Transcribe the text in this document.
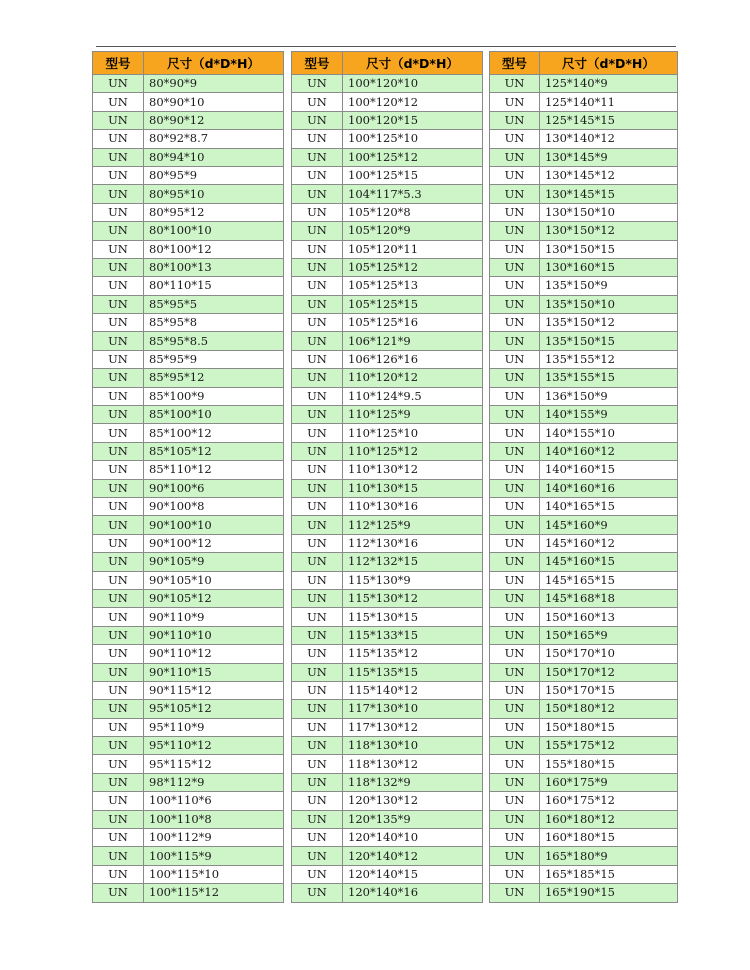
型号	尺寸（d*D*H）
UN	80*90*9
UN	80*90*10
UN	80*90*12
UN	80*92*8.7
UN	80*94*10
UN	80*95*9
UN	80*95*10
UN	80*95*12
UN	80*100*10
UN	80*100*12
UN	80*100*13
UN	80*110*15
UN	85*95*5
UN	85*95*8
UN	85*95*8.5
UN	85*95*9
UN	85*95*12
UN	85*100*9
UN	85*100*10
UN	85*100*12
UN	85*105*12
UN	85*110*12
UN	90*100*6
UN	90*100*8
UN	90*100*10
UN	90*100*12
UN	90*105*9
UN	90*105*10
UN	90*105*12
UN	90*110*9
UN	90*110*10
UN	90*110*12
UN	90*110*15
UN	90*115*12
UN	95*105*12
UN	95*110*9
UN	95*110*12
UN	95*115*12
UN	98*112*9
UN	100*110*6
UN	100*110*8
UN	100*112*9
UN	100*115*9
UN	100*115*10
UN	100*115*12
型号	尺寸（d*D*H）
UN	100*120*10
UN	100*120*12
UN	100*120*15
UN	100*125*10
UN	100*125*12
UN	100*125*15
UN	104*117*5.3
UN	105*120*8
UN	105*120*9
UN	105*120*11
UN	105*125*12
UN	105*125*13
UN	105*125*15
UN	105*125*16
UN	106*121*9
UN	106*126*16
UN	110*120*12
UN	110*124*9.5
UN	110*125*9
UN	110*125*10
UN	110*125*12
UN	110*130*12
UN	110*130*15
UN	110*130*16
UN	112*125*9
UN	112*130*16
UN	112*132*15
UN	115*130*9
UN	115*130*12
UN	115*130*15
UN	115*133*15
UN	115*135*12
UN	115*135*15
UN	115*140*12
UN	117*130*10
UN	117*130*12
UN	118*130*10
UN	118*130*12
UN	118*132*9
UN	120*130*12
UN	120*135*9
UN	120*140*10
UN	120*140*12
UN	120*140*15
UN	120*140*16
型号	尺寸（d*D*H）
UN	125*140*9
UN	125*140*11
UN	125*145*15
UN	130*140*12
UN	130*145*9
UN	130*145*12
UN	130*145*15
UN	130*150*10
UN	130*150*12
UN	130*150*15
UN	130*160*15
UN	135*150*9
UN	135*150*10
UN	135*150*12
UN	135*150*15
UN	135*155*12
UN	135*155*15
UN	136*150*9
UN	140*155*9
UN	140*155*10
UN	140*160*12
UN	140*160*15
UN	140*160*16
UN	140*165*15
UN	145*160*9
UN	145*160*12
UN	145*160*15
UN	145*165*15
UN	145*168*18
UN	150*160*13
UN	150*165*9
UN	150*170*10
UN	150*170*12
UN	150*170*15
UN	150*180*12
UN	150*180*15
UN	155*175*12
UN	155*180*15
UN	160*175*9
UN	160*175*12
UN	160*180*12
UN	160*180*15
UN	165*180*9
UN	165*185*15
UN	165*190*15
